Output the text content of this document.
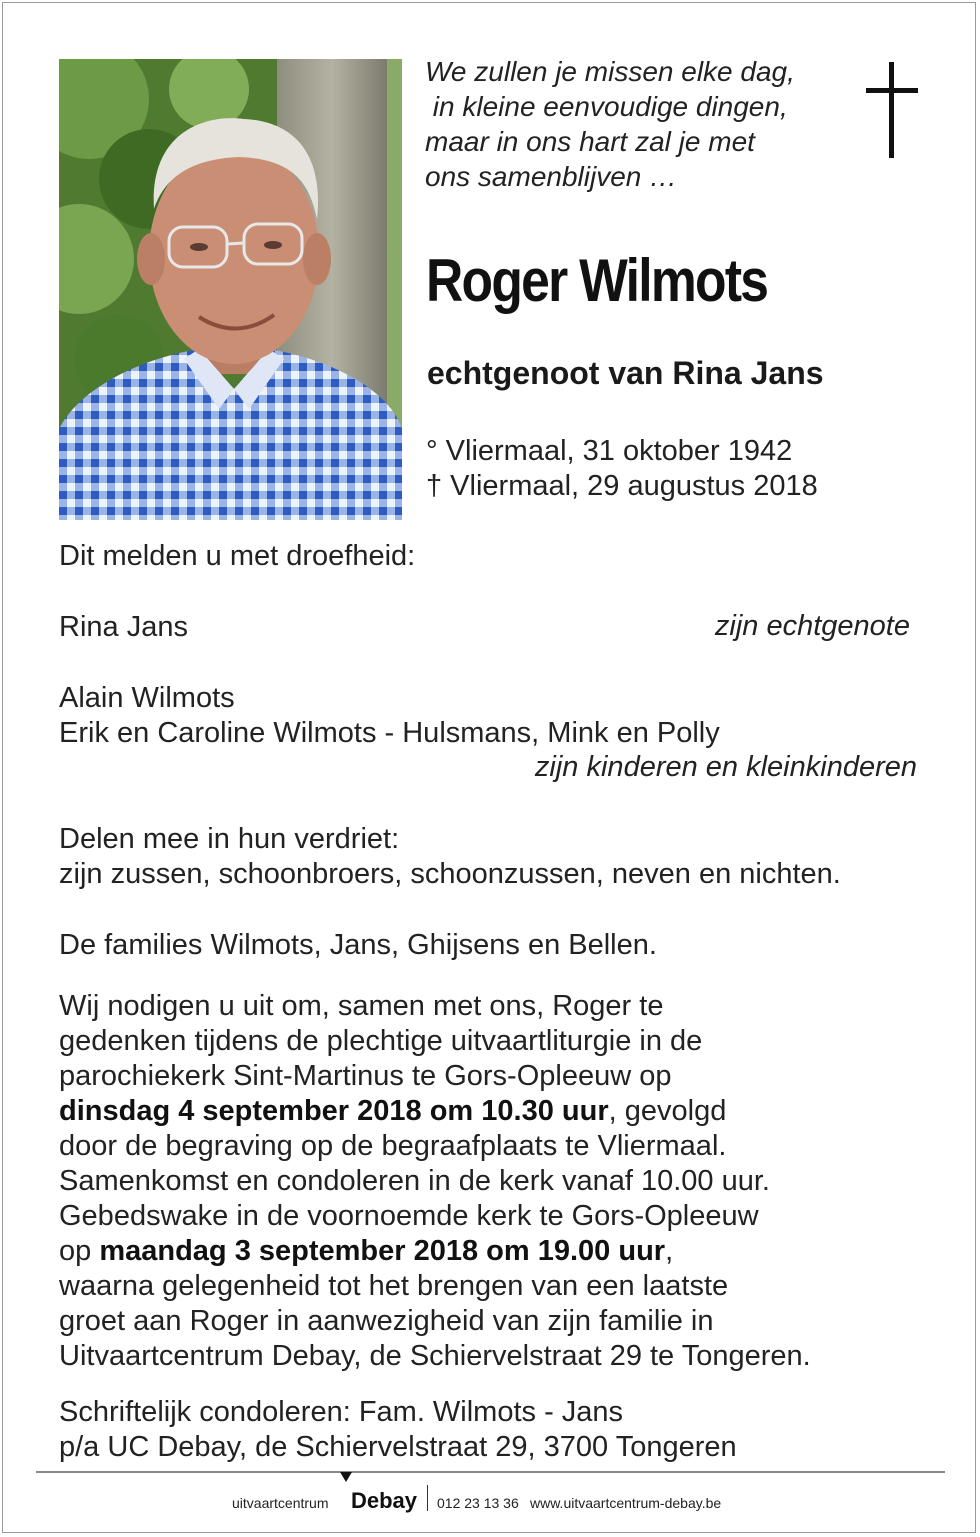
We zullen je missen elke dag,
in kleine eenvoudige dingen,
maar in ons hart zal je met
ons samenblijven …
Roger Wilmots
echtgenoot van Rina Jans
° Vliermaal, 31 oktober 1942
† Vliermaal, 29 augustus 2018
Dit melden u met droefheid:
Rina Jans	zijn echtgenote
Alain Wilmots
Erik en Caroline Wilmots - Hulsmans, Mink en Polly
zijn kinderen en kleinkinderen
Delen mee in hun verdriet:
zijn zussen, schoonbroers, schoonzussen, neven en nichten.
De families Wilmots, Jans, Ghijsens en Bellen.
Wij nodigen u uit om, samen met ons, Roger te
gedenken tijdens de plechtige uitvaartliturgie in de
parochiekerk Sint-Martinus te Gors-Opleeuw op
dinsdag 4 september 2018 om 10.30 uur, gevolgd
door de begraving op de begraafplaats te Vliermaal.
Samenkomst en condoleren in de kerk vanaf 10.00 uur.
Gebedswake in de voornoemde kerk te Gors-Opleeuw
op maandag 3 september 2018 om 19.00 uur,
waarna gelegenheid tot het brengen van een laatste
groet aan Roger in aanwezigheid van zijn familie in
Uitvaartcentrum Debay, de Schiervelstraat 29 te Tongeren.
Schriftelijk condoleren: Fam. Wilmots - Jans
p/a UC Debay, de Schiervelstraat 29, 3700 Tongeren
uitvaartcentrum Debay 012 23 13 36 www.uitvaartcentrum-debay.be
